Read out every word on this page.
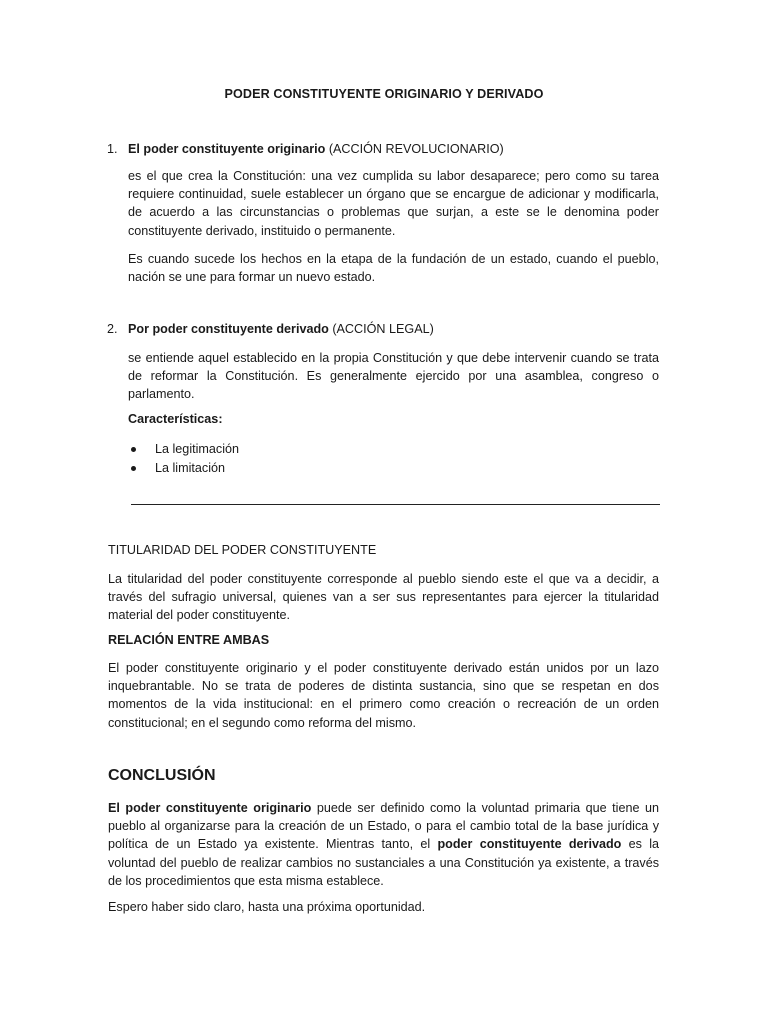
PODER CONSTITUYENTE ORIGINARIO Y DERIVADO
1. El poder constituyente originario (ACCIÓN REVOLUCIONARIO)

es el que crea la Constitución: una vez cumplida su labor desaparece; pero como su tarea requiere continuidad, suele establecer un órgano que se encargue de adicionar y modificarla, de acuerdo a las circunstancias o problemas que surjan, a este se le denomina poder constituyente derivado, instituido o permanente.

Es cuando sucede los hechos en la etapa de la fundación de un estado, cuando el pueblo, nación se une para formar un nuevo estado.

2. Por poder constituyente derivado (ACCIÓN LEGAL)

se entiende aquel establecido en la propia Constitución y que debe intervenir cuando se trata de reformar la Constitución. Es generalmente ejercido por una asamblea, congreso o parlamento.

Características:
La legitimación
La limitación
TITULARIDAD DEL PODER CONSTITUYENTE

La titularidad del poder constituyente corresponde al pueblo siendo este el que va a decidir, a través del sufragio universal, quienes van a ser sus representantes para ejercer la titularidad material del poder constituyente.

RELACIÓN ENTRE AMBAS

El poder constituyente originario y el poder constituyente derivado están unidos por un lazo inquebrantable. No se trata de poderes de distinta sustancia, sino que se respetan en dos momentos de la vida institucional: en el primero como creación o recreación de un orden constitucional; en el segundo como reforma del mismo.

CONCLUSIÓN

El poder constituyente originario puede ser definido como la voluntad primaria que tiene un pueblo al organizarse para la creación de un Estado, o para el cambio total de la base jurídica y política de un Estado ya existente. Mientras tanto, el poder constituyente derivado es la voluntad del pueblo de realizar cambios no sustanciales a una Constitución ya existente, a través de los procedimientos que esta misma establece.

Espero haber sido claro, hasta una próxima oportunidad.
